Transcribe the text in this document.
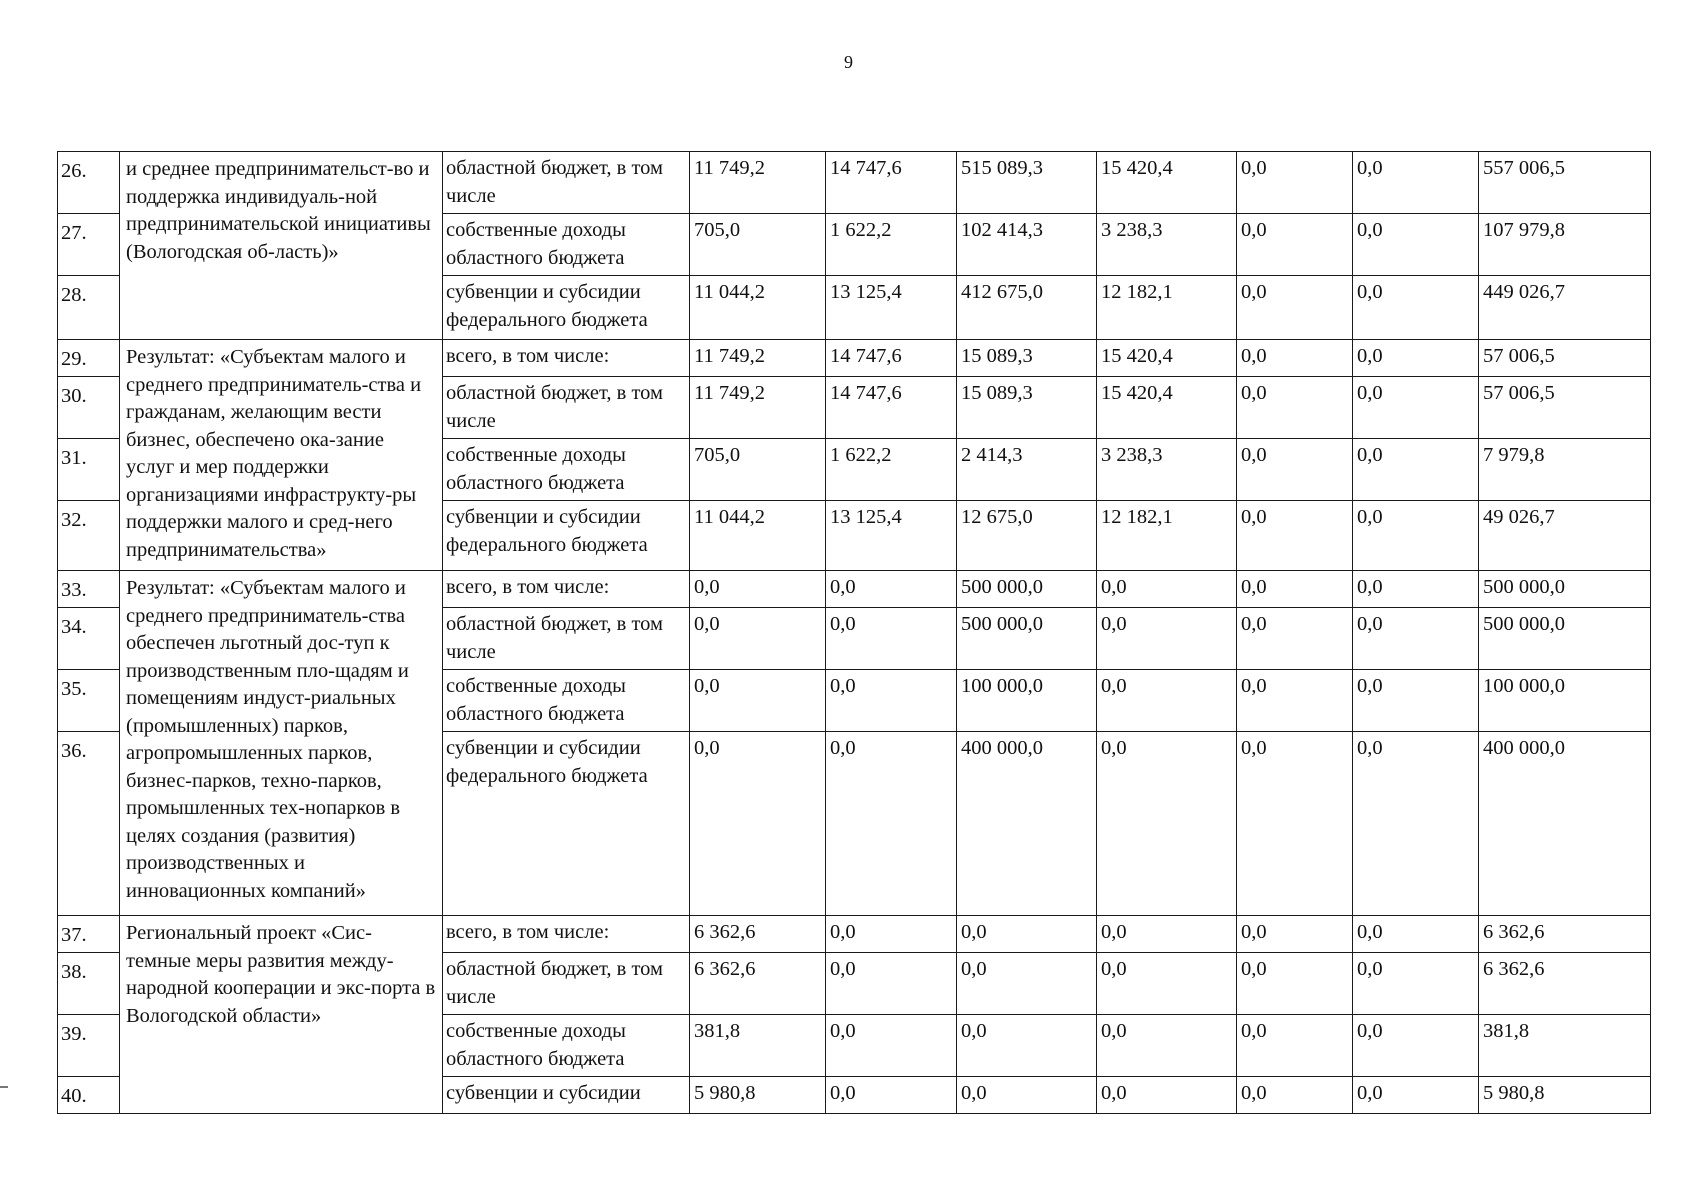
9
26.	и среднее предпринимательст-во и поддержка индивидуаль-ной предпринимательской инициативы (Вологодская об-ласть)»	областной бюджет, в том числе	11 749,2	14 747,6	515 089,3	15 420,4	0,0	0,0	557 006,5
27.		собственные доходы областного бюджета	705,0	1 622,2	102 414,3	3 238,3	0,0	0,0	107 979,8
28.		субвенции и субсидии федерального бюджета	11 044,2	13 125,4	412 675,0	12 182,1	0,0	0,0	449 026,7
29.	Результат: «Субъектам малого и среднего предприниматель-ства и гражданам, желающим вести бизнес, обеспечено ока-зание услуг и мер поддержки организациями инфраструкту-ры поддержки малого и сред-него предпринимательства»	всего, в том числе:	11 749,2	14 747,6	15 089,3	15 420,4	0,0	0,0	57 006,5
30.		областной бюджет, в том числе	11 749,2	14 747,6	15 089,3	15 420,4	0,0	0,0	57 006,5
31.		собственные доходы областного бюджета	705,0	1 622,2	2 414,3	3 238,3	0,0	0,0	7 979,8
32.		субвенции и субсидии федерального бюджета	11 044,2	13 125,4	12 675,0	12 182,1	0,0	0,0	49 026,7
33.	Результат: «Субъектам малого и среднего предприниматель-ства обеспечен льготный дос-туп к производственным пло-щадям и помещениям индуст-риальных (промышленных) парков, агропромышленных парков, бизнес-парков, техно-парков, промышленных тех-нопарков в целях создания (развития) производственных и инновационных компаний»	всего, в том числе:	0,0	0,0	500 000,0	0,0	0,0	0,0	500 000,0
34.		областной бюджет, в том числе	0,0	0,0	500 000,0	0,0	0,0	0,0	500 000,0
35.		собственные доходы областного бюджета	0,0	0,0	100 000,0	0,0	0,0	0,0	100 000,0
36.		субвенции и субсидии федерального бюджета	0,0	0,0	400 000,0	0,0	0,0	0,0	400 000,0
37.	Региональный проект «Сис-темные меры развития между-народной кооперации и экс-порта в Вологодской области»	всего, в том числе:	6 362,6	0,0	0,0	0,0	0,0	0,0	6 362,6
38.		областной бюджет, в том числе	6 362,6	0,0	0,0	0,0	0,0	0,0	6 362,6
39.		собственные доходы областного бюджета	381,8	0,0	0,0	0,0	0,0	0,0	381,8
40.		субвенции и субсидии	5 980,8	0,0	0,0	0,0	0,0	0,0	5 980,8
